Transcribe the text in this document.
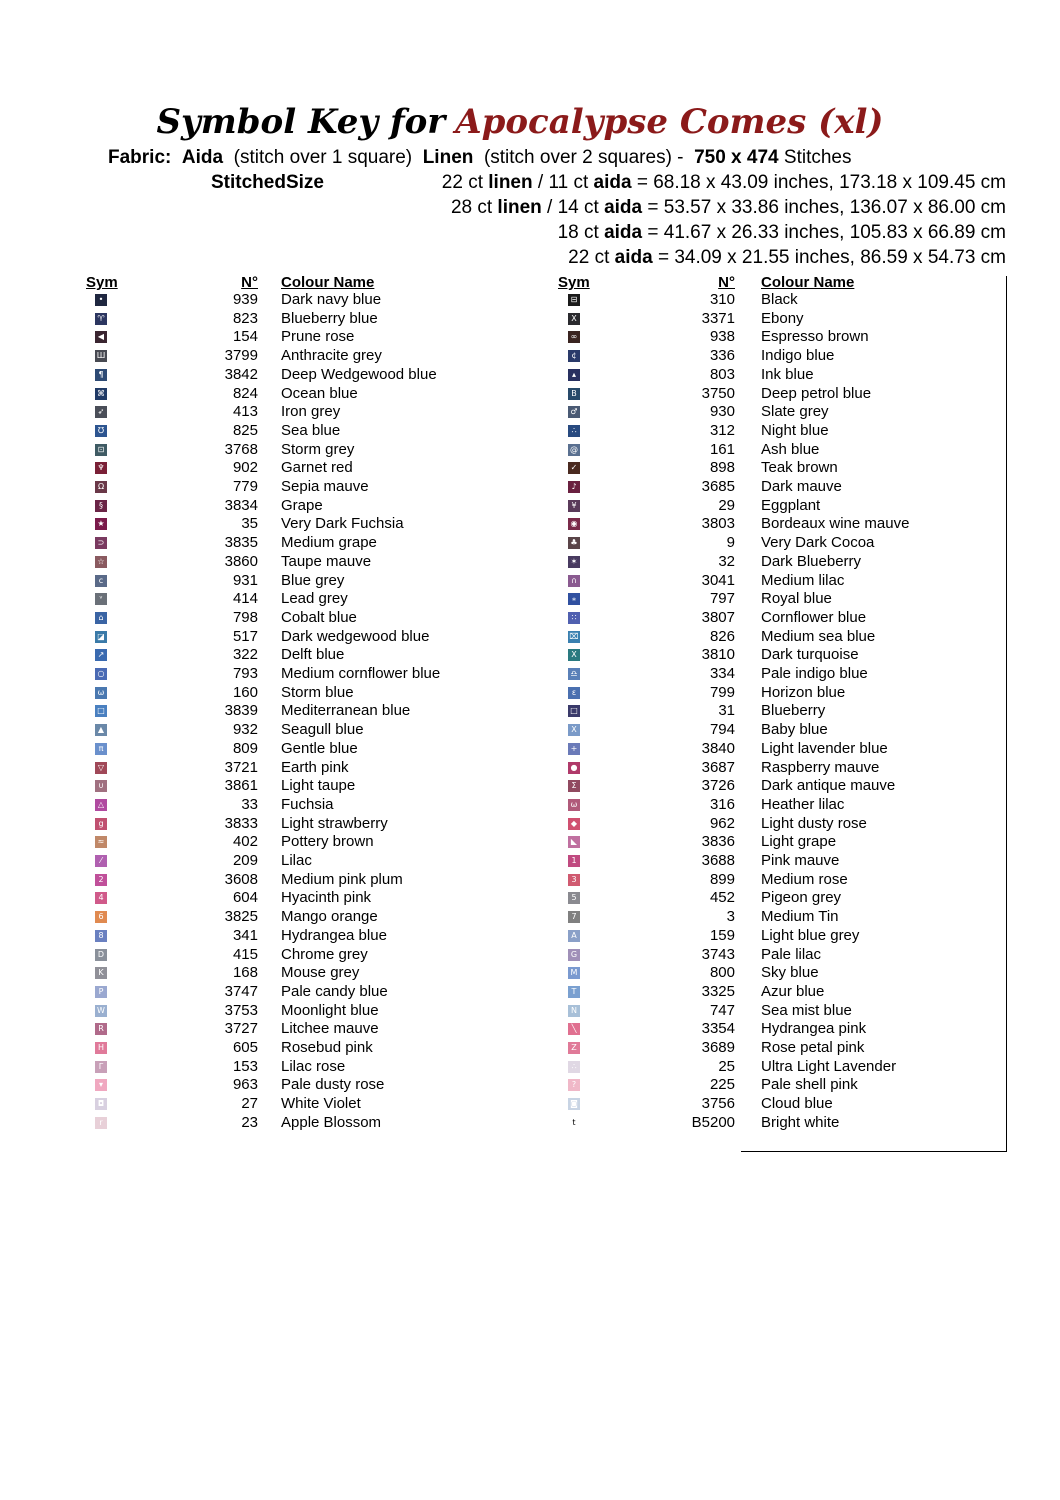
Symbol Key for Apocalypse Comes (xl)
Fabric: Aida (stitch over 1 square) Linen (stitch over 2 squares) - 750 x 474 Stitches
StitchedSize	22 ct linen / 11 ct aida = 68.18 x 43.09 inches, 173.18 x 109.45 cm
28 ct linen / 14 ct aida = 53.57 x 33.86 inches, 136.07 x 86.00 cm
18 ct aida = 41.67 x 26.33 inches, 105.83 x 66.89 cm
22 ct aida = 34.09 x 21.55 inches, 86.59 x 54.73 cm
Sym	N° Colour Name	Sym	N° Colour Name
•	939 Dark navy blue
♈	823 Blueberry blue
◀	154 Prune rose
Ш	3799 Anthracite grey
¶	3842 Deep Wedgewood blue
⌘	824 Ocean blue
➶	413 Iron grey
℧	825 Sea blue
⊡	3768 Storm grey
♆	902 Garnet red
Ω	779 Sepia mauve
§	3834 Grape
★	35 Very Dark Fuchsia
⊃	3835 Medium grape
☆	3860 Taupe mauve
c	931 Blue grey
ᵛ	414 Lead grey
⌂	798 Cobalt blue
◪	517 Dark wedgewood blue
↗	322 Delft blue
○	793 Medium cornflower blue
ω	160 Storm blue
□	3839 Mediterranean blue
▲	932 Seagull blue
π	809 Gentle blue
▽	3721 Earth pink
∪	3861 Light taupe
△	33 Fuchsia
g	3833 Light strawberry
≈	402 Pottery brown
⁄	209 Lilac
2	3608 Medium pink plum
4	604 Hyacinth pink
6	3825 Mango orange
8	341 Hydrangea blue
D	415 Chrome grey
K	168 Mouse grey
P	3747 Pale candy blue
W	3753 Moonlight blue
R	3727 Litchee mauve
H	605 Rosebud pink
Γ	153 Lilac rose
▾	963 Pale dusty rose
◘	27 White Violet
r	23 Apple Blossom
⊟	310 Black
X	3371 Ebony
∞	938 Espresso brown
¢	336 Indigo blue
▴	803 Ink blue
B	3750 Deep petrol blue
♂	930 Slate grey
∴	312 Night blue
@	161 Ash blue
✓	898 Teak brown
♪	3685 Dark mauve
¥	29 Eggplant
◉	3803 Bordeaux wine mauve
♣	9 Very Dark Cocoa
✶	32 Dark Blueberry
∩	3041 Medium lilac
⁎	797 Royal blue
∷	3807 Cornflower blue
⌧	826 Medium sea blue
X	3810 Dark turquoise
♎	334 Pale indigo blue
ε	799 Horizon blue
□	31 Blueberry
X	794 Baby blue
+	3840 Light lavender blue
●	3687 Raspberry mauve
Σ	3726 Dark antique mauve
ω	316 Heather lilac
◆	962 Light dusty rose
◣	3836 Light grape
1	3688 Pink mauve
3	899 Medium rose
5	452 Pigeon grey
7	3 Medium Tin
A	159 Light blue grey
G	3743 Pale lilac
M	800 Sky blue
T	3325 Azur blue
N	747 Sea mist blue
╲	3354 Hydrangea pink
Z	3689 Rose petal pink
∴	25 Ultra Light Lavender
?	225 Pale shell pink
◙	3756 Cloud blue
t	B5200 Bright white
